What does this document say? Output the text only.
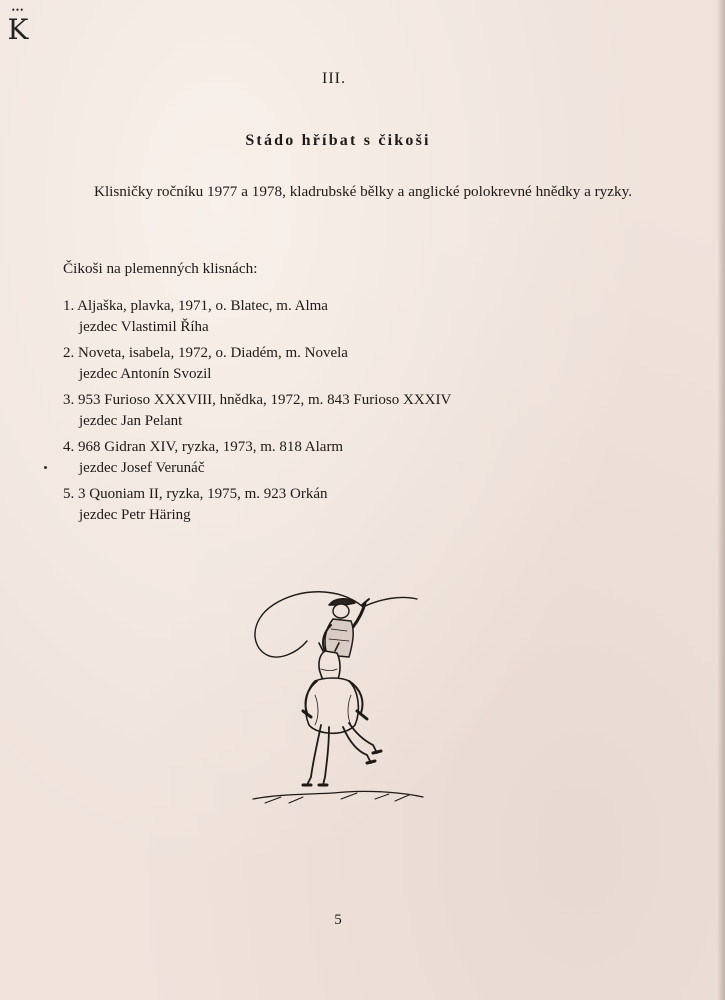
•••
K
III.
Stádo hříbat s čikoši
Klisničky ročníku 1977 a 1978, kladrubské bělky a anglické polokrevné hnědky a ryzky.
Čikoši na plemenných klisnách:
1. Aljaška, plavka, 1971, o. Blatec, m. Alma
jezdec Vlastimil Říha
2. Noveta, isabela, 1972, o. Diadém, m. Novela
jezdec Antonín Svozil
3. 953 Furioso XXXVIII, hnědka, 1972, m. 843 Furioso XXXIV
jezdec Jan Pelant
4. 968 Gidran XIV, ryzka, 1973, m. 818 Alarm
jezdec Josef Verunáč
5. 3 Quoniam II, ryzka, 1975, m. 923 Orkán
jezdec Petr Häring
5
